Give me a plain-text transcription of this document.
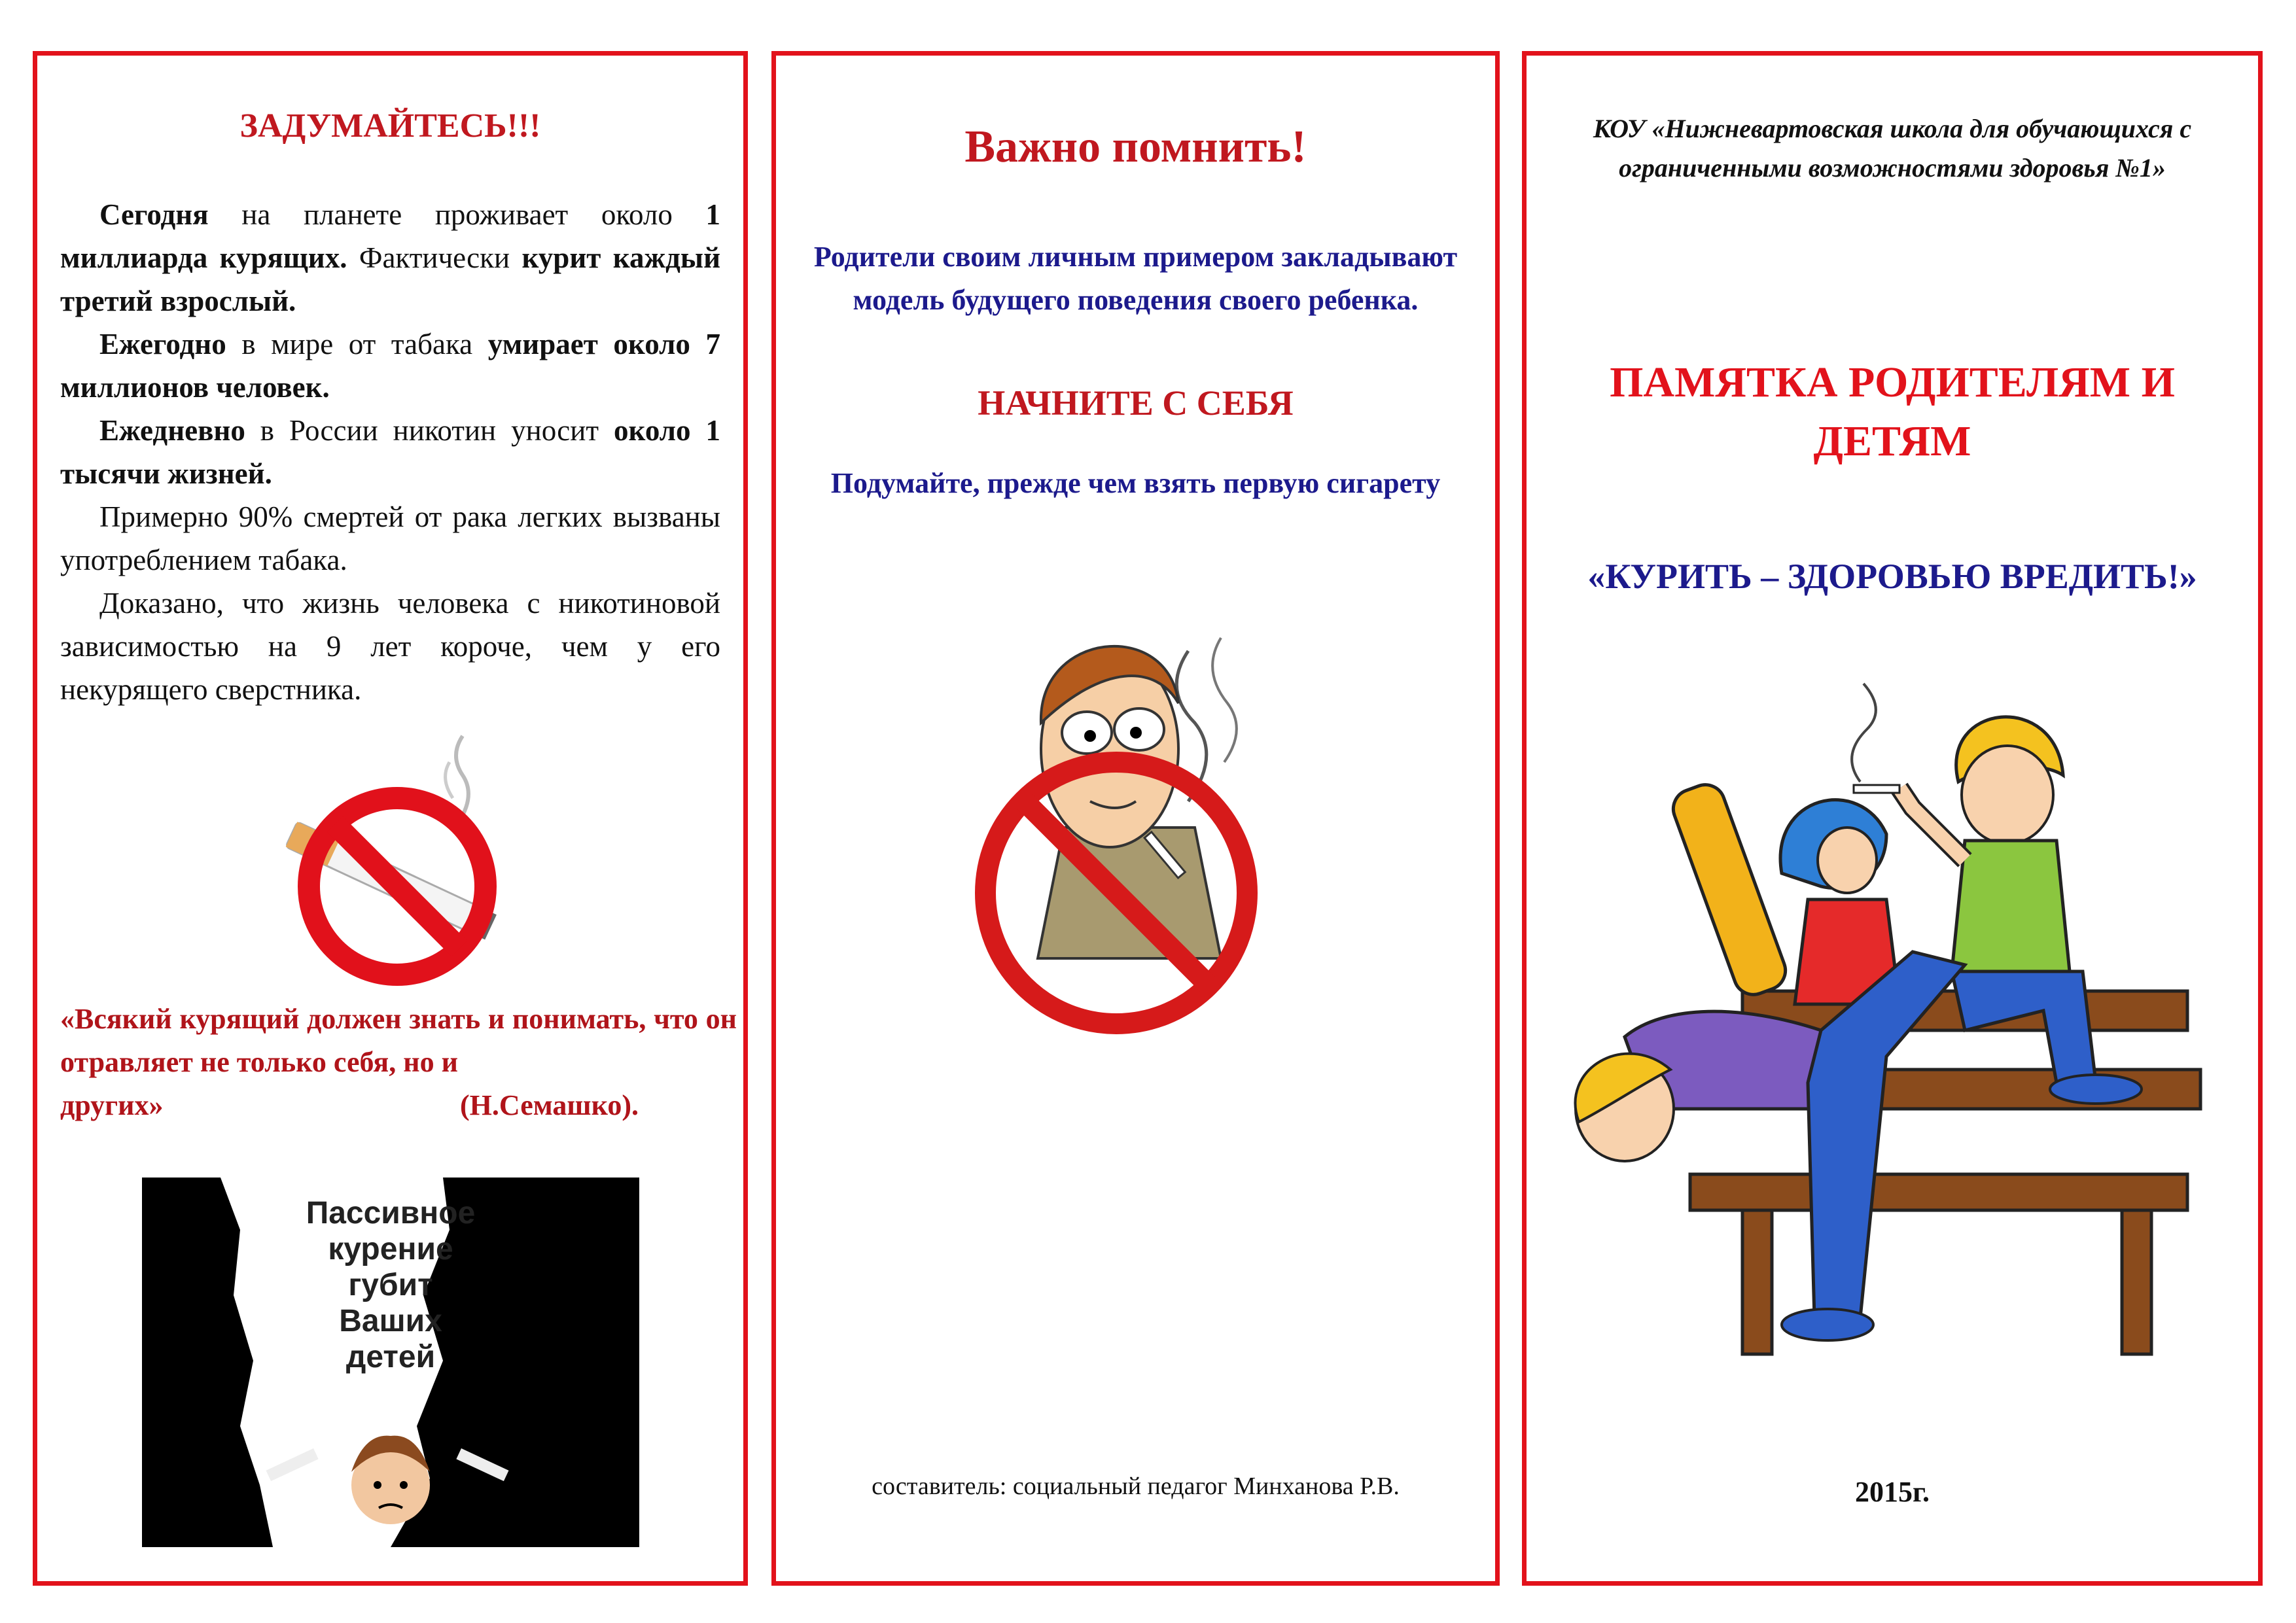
ЗАДУМАЙТЕСЬ!!!

Сегодня на планете проживает около 1 миллиарда курящих. Фактически курит каждый третий взрослый.

Ежегодно в мире от табака умирает около 7 миллионов человек.

Ежедневно в России никотин уносит около 1 тысячи жизней.

Примерно 90% смертей от рака легких вызваны употреблением табака.

Доказано, что жизнь человека с никотиновой зависимостью на 9 лет короче, чем у его некурящего сверстника.

«Всякий курящий должен знать и понимать, что он отравляет не только себя, но и
других»	(Н.Семашко).
Пассивное
курение
губит
Ваших
детей
Важно помнить!
Родители своим личным примером закладывают модель будущего поведения своего ребенка.
НАЧНИТЕ С СЕБЯ
Подумайте, прежде чем взять первую сигарету
составитель: социальный педагог Минханова Р.В.
КОУ «Нижневартовская школа для обучающихся с ограниченными возможностями здоровья №1»
ПАМЯТКА РОДИТЕЛЯМ И ДЕТЯМ
«КУРИТЬ – ЗДОРОВЬЮ ВРЕДИТЬ!»
2015г.
